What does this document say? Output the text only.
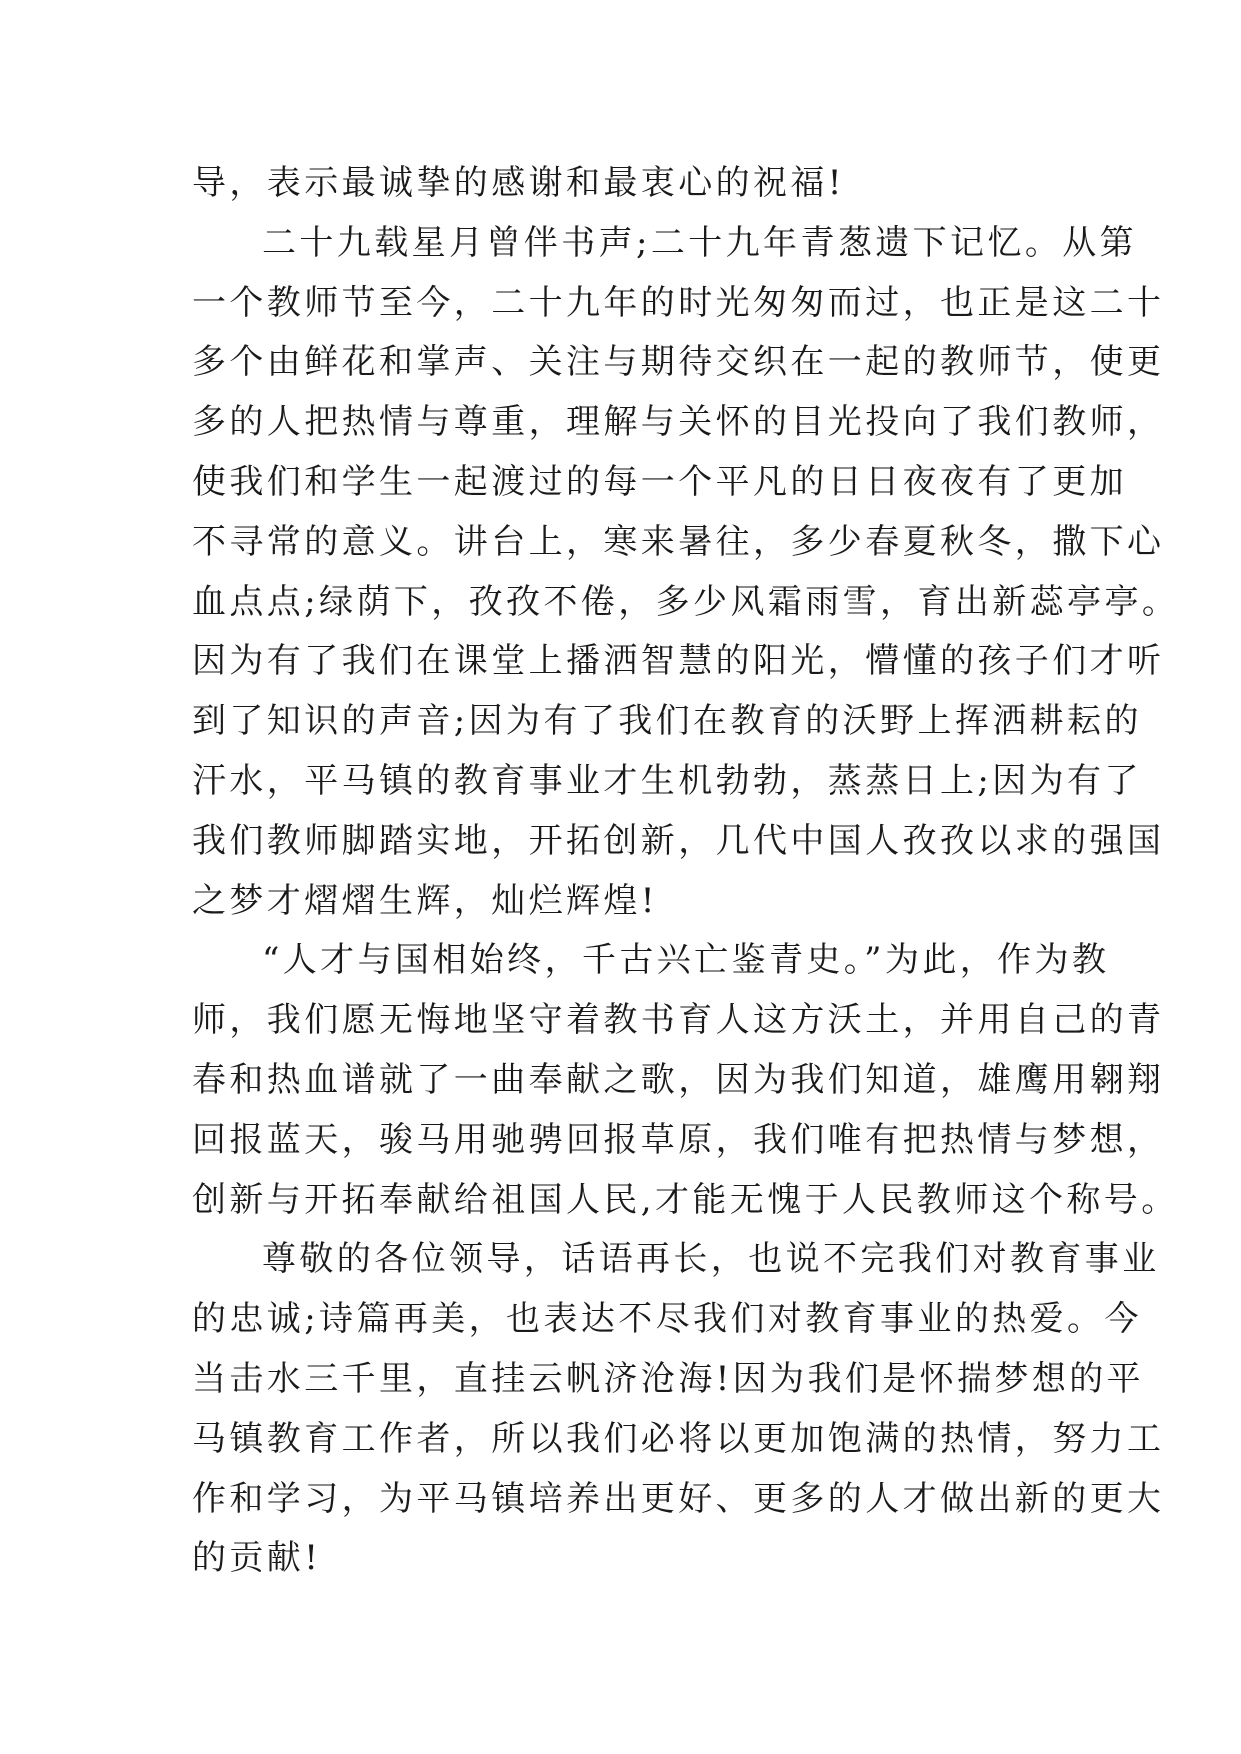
导，表示最诚挚的感谢和最衷心的祝福!
二十九载星月曾伴书声;二十九年青葱遗下记忆。从第
一个教师节至今，二十九年的时光匆匆而过，也正是这二十
多个由鲜花和掌声、关注与期待交织在一起的教师节，使更
多的人把热情与尊重，理解与关怀的目光投向了我们教师，
使我们和学生一起渡过的每一个平凡的日日夜夜有了更加
不寻常的意义。讲台上，寒来暑往，多少春夏秋冬，撒下心
血点点;绿荫下，孜孜不倦，多少风霜雨雪，育出新蕊亭亭。
因为有了我们在课堂上播洒智慧的阳光，懵懂的孩子们才听
到了知识的声音;因为有了我们在教育的沃野上挥洒耕耘的
汗水，平马镇的教育事业才生机勃勃，蒸蒸日上;因为有了
我们教师脚踏实地，开拓创新，几代中国人孜孜以求的强国
之梦才熠熠生辉，灿烂辉煌!
“人才与国相始终，千古兴亡鉴青史。”为此，作为教
师，我们愿无悔地坚守着教书育人这方沃土，并用自己的青
春和热血谱就了一曲奉献之歌，因为我们知道，雄鹰用翱翔
回报蓝天，骏马用驰骋回报草原，我们唯有把热情与梦想，
创新与开拓奉献给祖国人民,才能无愧于人民教师这个称号。
尊敬的各位领导，话语再长，也说不完我们对教育事业
的忠诚;诗篇再美，也表达不尽我们对教育事业的热爱。今
当击水三千里，直挂云帆济沧海!因为我们是怀揣梦想的平
马镇教育工作者，所以我们必将以更加饱满的热情，努力工
作和学习，为平马镇培养出更好、更多的人才做出新的更大
的贡献!
